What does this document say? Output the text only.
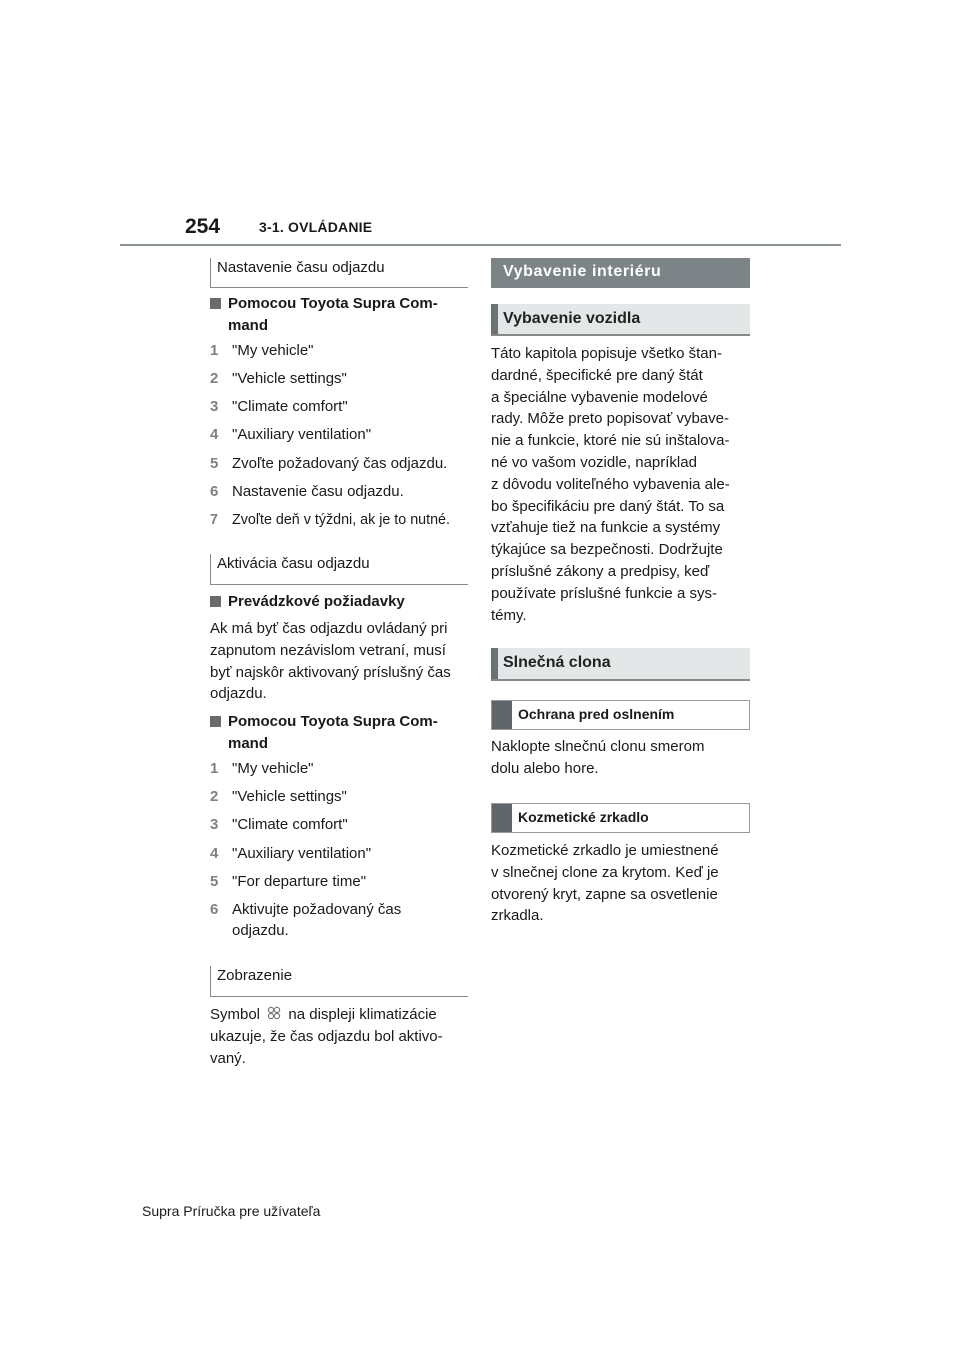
254	3-1. OVLÁDANIE
Nastavenie času odjazdu
Pomocou Toyota Supra Com-
mand
1 "My vehicle"
2 "Vehicle settings"
3 "Climate comfort"
4 "Auxiliary ventilation"
5 Zvoľte požadovaný čas odjazdu.
6 Nastavenie času odjazdu.
7 Zvoľte deň v týždni, ak je to nutné.
Aktivácia času odjazdu
Prevádzkové požiadavky
Ak má byť čas odjazdu ovládaný pri
zapnutom nezávislom vetraní, musí
byť najskôr aktivovaný príslušný čas
odjazdu.
Pomocou Toyota Supra Com-
mand
1 "My vehicle"
2 "Vehicle settings"
3 "Climate comfort"
4 "Auxiliary ventilation"
5 "For departure time"
6 Aktivujte požadovaný čas
odjazdu.
Zobrazenie
Symbol na displeji klimatizácie
ukazuje, že čas odjazdu bol aktivo-
vaný.
Vybavenie interiéru
Vybavenie vozidla
Táto kapitola popisuje všetko štan-
dardné, špecifické pre daný štát
a špeciálne vybavenie modelové
rady. Môže preto popisovať vybave-
nie a funkcie, ktoré nie sú inštalova-
né vo vašom vozidle, napríklad
z dôvodu voliteľného vybavenia ale-
bo špecifikáciu pre daný štát. To sa
vzťahuje tiež na funkcie a systémy
týkajúce sa bezpečnosti. Dodržujte
príslušné zákony a predpisy, keď
používate príslušné funkcie a sys-
témy.
Slnečná clona
Ochrana pred oslnením
Naklopte slnečnú clonu smerom
dolu alebo hore.
Kozmetické zrkadlo
Kozmetické zrkadlo je umiestnené
v slnečnej clone za krytom. Keď je
otvorený kryt, zapne sa osvetlenie
zrkadla.
Supra Príručka pre užívateľa
